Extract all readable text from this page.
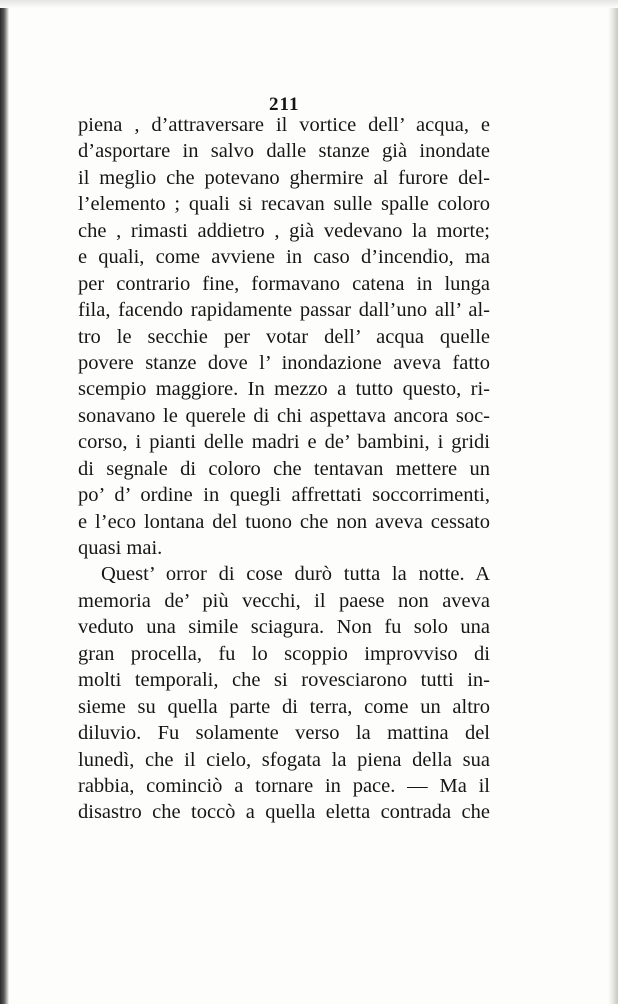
211
piena , d’attraversare il vortice dell’ acqua, e
d’asportare in salvo dalle stanze già inondate
il meglio che potevano ghermire al furore del-
l’elemento ; quali si recavan sulle spalle coloro
che , rimasti addietro , già vedevano la morte;
e quali, come avviene in caso d’incendio, ma
per contrario fine, formavano catena in lunga
fila, facendo rapidamente passar dall’uno all’ al-
tro le secchie per votar dell’ acqua quelle
povere stanze dove l’ inondazione aveva fatto
scempio maggiore. In mezzo a tutto questo, ri-
sonavano le querele di chi aspettava ancora soc-
corso, i pianti delle madri e de’ bambini, i gridi
di segnale di coloro che tentavan mettere un
po’ d’ ordine in quegli affrettati soccorrimenti,
e l’eco lontana del tuono che non aveva cessato
quasi mai.
Quest’ orror di cose durò tutta la notte. A
memoria de’ più vecchi, il paese non aveva
veduto una simile sciagura. Non fu solo una
gran procella, fu lo scoppio improvviso di
molti temporali, che si rovesciarono tutti in-
sieme su quella parte di terra, come un altro
diluvio. Fu solamente verso la mattina del
lunedì, che il cielo, sfogata la piena della sua
rabbia, cominciò a tornare in pace. — Ma il
disastro che toccò a quella eletta contrada che
